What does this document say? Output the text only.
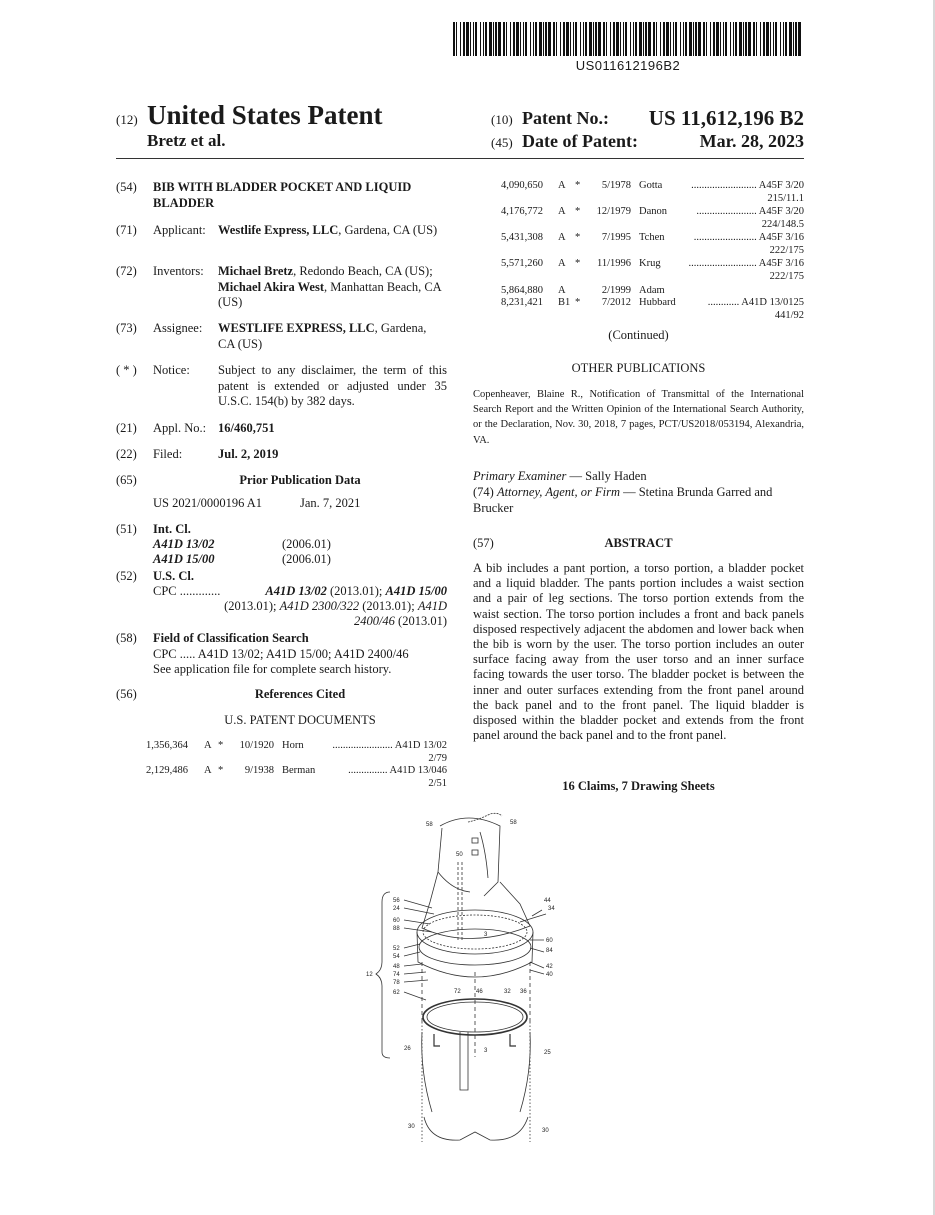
US011612196B2
(12) United States Patent
Bretz et al.
(10) Patent No.:	US 11,612,196 B2
(45) Date of Patent:	Mar. 28, 2023
(54) BIB WITH BLADDER POCKET AND LIQUID BLADDER
(71) Applicant: Westlife Express, LLC, Gardena, CA (US)
(72) Inventors: Michael Bretz, Redondo Beach, CA (US); Michael Akira West, Manhattan Beach, CA (US)
(73) Assignee: WESTLIFE EXPRESS, LLC, Gardena, CA (US)
( * ) Notice: Subject to any disclaimer, the term of this patent is extended or adjusted under 35 U.S.C. 154(b) by 382 days.
(21) Appl. No.: 16/460,751
(22) Filed:	Jul. 2, 2019
(65)	Prior Publication Data
US 2021/0000196 A1	Jan. 7, 2021
(51) Int. Cl.
A41D 13/02	(2006.01)
A41D 15/00	(2006.01)
(52) U.S. Cl.
CPC .............	A41D 13/02 (2013.01); A41D 15/00
(2013.01); A41D 2300/322 (2013.01); A41D
2400/46 (2013.01)
(58) Field of Classification Search
CPC ..... A41D 13/02; A41D 15/00; A41D 2400/46
See application file for complete search history.
(56)	References Cited
U.S. PATENT DOCUMENTS
1,356,364 A * 10/1920 Horn	....................... A41D 13/02
2/79
2,129,486 A * 9/1938 Berman	............... A41D 13/046
2/51
4,090,650 A * 5/1978 Gotta	......................... A45F 3/20
215/11.1
4,176,772 A * 12/1979 Danon	....................... A45F 3/20
224/148.5
5,431,308 A * 7/1995 Tchen	........................ A45F 3/16
222/175
5,571,260 A * 11/1996 Krug	.......................... A45F 3/16
222/175
5,864,880 A	2/1999 Adam
8,231,421 B1 * 7/2012 Hubbard	............ A41D 13/0125
441/92
(Continued)
OTHER PUBLICATIONS
Copenheaver, Blaine R., Notification of Transmittal of the International Search Report and the Written Opinion of the International Search Authority, or the Declaration, Nov. 30, 2018, 7 pages, PCT/US2018/053194, Alexandria, VA.
Primary Examiner — Sally Haden
(74) Attorney, Agent, or Firm — Stetina Brunda Garred and Brucker
(57)	ABSTRACT
A bib includes a pant portion, a torso portion, a bladder pocket and a liquid bladder. The pants portion includes a waist section and a pair of leg sections. The torso portion extends from the waist section. The torso portion includes a front and back panels disposed respectively adjacent the abdomen and lower back when the bib is worn by the user. The torso portion includes an outer surface facing away from the user torso and an inner surface facing towards the user torso. The bladder pocket is between the inner and outer surfaces extending from the front panel around the back panel and to the front panel. The liquid bladder is disposed within the bladder pocket and extends from the front panel around the back panel and to the front panel.
16 Claims, 7 Drawing Sheets
58	58
50
56
24
60
88
52
54
48
74
78
62
12
44
34
3
60
84
42
40
72	46	32 36
26
25
3
30
30
